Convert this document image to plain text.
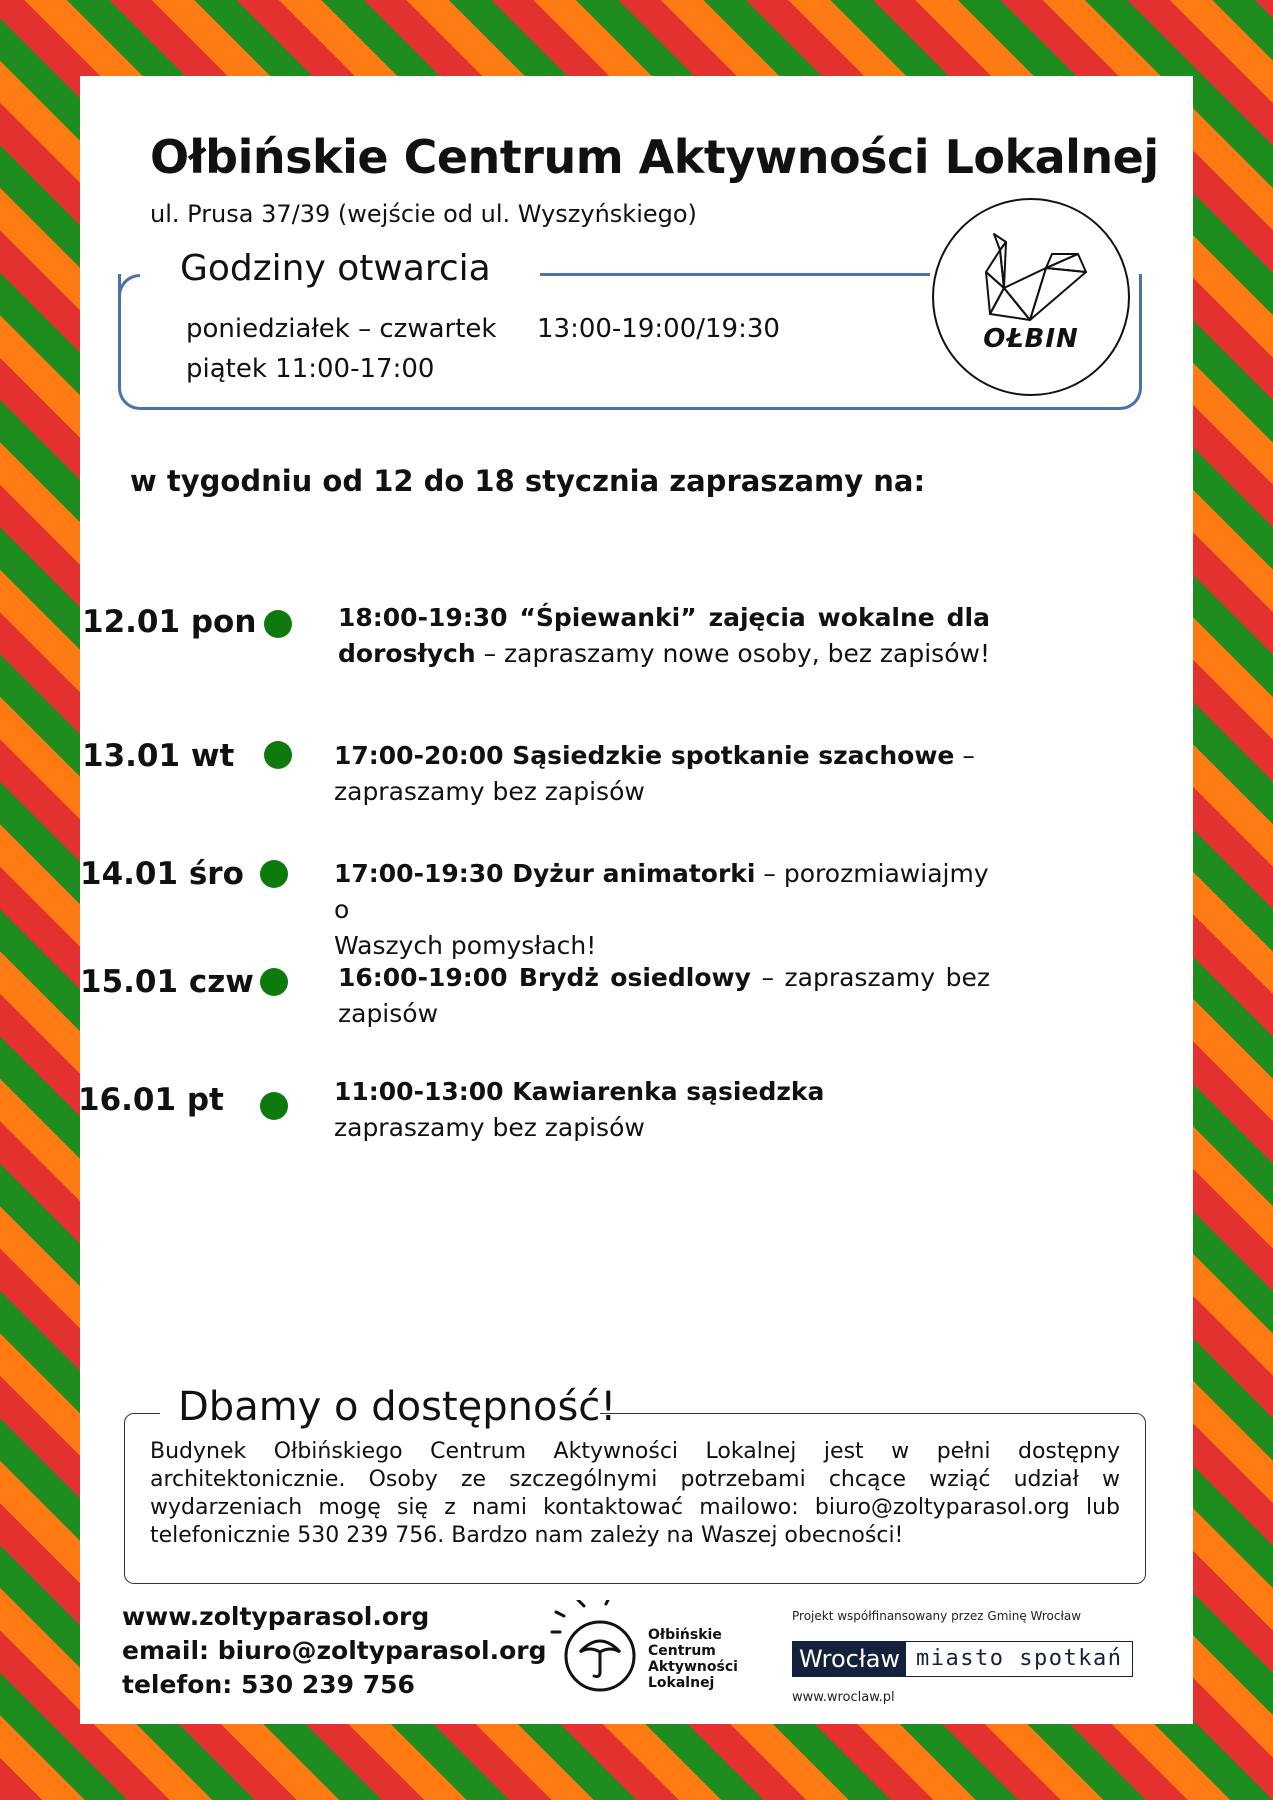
Ołbińskie Centrum Aktywności Lokalnej
ul. Prusa 37/39 (wejście od ul. Wyszyńskiego)
Godziny otwarcia
poniedziałek – czwartek 13:00-19:00/19:30
piątek 11:00-17:00
OŁBIN
w tygodniu od 12 do 18 stycznia zapraszamy na:
12.01 pon	18:00-19:30 “Śpiewanki” zajęcia wokalne dla
dorosłych – zapraszamy nowe osoby, bez zapisów!
13.01 wt	17:00-20:00 Sąsiedzkie spotkanie szachowe –
zapraszamy bez zapisów
14.01 śro	17:00-19:30 Dyżur animatorki – porozmiawiajmy o
Waszych pomysłach!
15.01 czw	16:00-19:00 Brydż osiedlowy – zapraszamy bez
zapisów
16.01 pt	11:00-13:00 Kawiarenka sąsiedzka
zapraszamy bez zapisów
Dbamy o dostępność!
Budynek Ołbińskiego Centrum Aktywności Lokalnej jest w pełni dostępny architektonicznie. Osoby ze szczególnymi potrzebami chcące wziąć udział w wydarzeniach mogę się z nami kontaktować mailowo: biuro@zoltyparasol.org lub telefonicznie 530 239 756. Bardzo nam zależy na Waszej obecności!
www.zoltyparasol.org
email: biuro@zoltyparasol.org
telefon: 530 239 756
Ołbińskie
Centrum
Aktywności
Lokalnej
Projekt współfinansowany przez Gminę Wrocław
Wrocław miasto spotkań
www.wroclaw.pl
